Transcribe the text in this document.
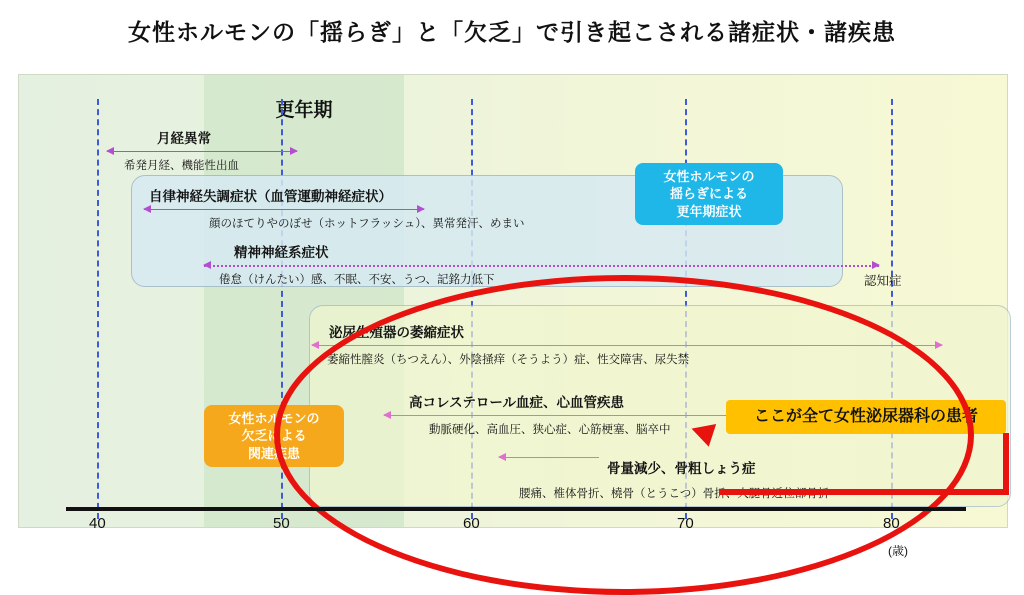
女性ホルモンの「揺らぎ」と「欠乏」で引き起こされる諸症状・諸疾患
更年期
月経異常
希発月経、機能性出血
自律神経失調症状（血管運動神経症状）
顔のほてりやのぼせ（ホットフラッシュ）、異常発汗、めまい
精神神経系症状
倦怠（けんたい）感、不眠、不安、うつ、記銘力低下	認知症
泌尿生殖器の萎縮症状
萎縮性膣炎（ちつえん）、外陰掻痒（そうよう）症、性交障害、尿失禁
高コレステロール血症、心血管疾患
動脈硬化、高血圧、狭心症、心筋梗塞、脳卒中
骨量減少、骨粗しょう症
腰痛、椎体骨折、橈骨（とうこつ）骨折、大腿骨近位部骨折
女性ホルモンの
揺らぎによる
更年期症状
女性ホルモンの
欠乏による
関連疾患
ここが全て女性泌尿器科の患者
40	50	60	70	80
(歳)
